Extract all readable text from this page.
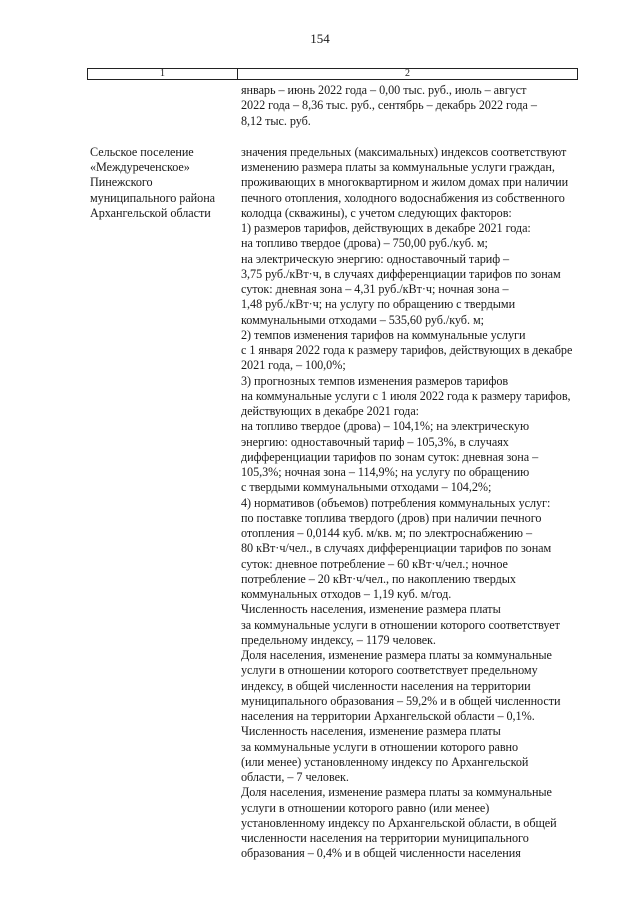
154
1	2
январь – июнь 2022 года – 0,00 тыс. руб., июль – август
2022 года – 8,36 тыс. руб., сентябрь – декабрь 2022 года –
8,12 тыс. руб.
Сельское поселение
«Междуреченское»
Пинежского
муниципального района
Архангельской области
значения предельных (максимальных) индексов соответствуют
изменению размера платы за коммунальные услуги граждан,
проживающих в многоквартирном и жилом домах при наличии
печного отопления, холодного водоснабжения из собственного
колодца (скважины), с учетом следующих факторов:
1) размеров тарифов, действующих в декабре 2021 года:
на топливо твердое (дрова) – 750,00 руб./куб. м;
на электрическую энергию: одноставочный тариф –
3,75 руб./кВт·ч, в случаях дифференциации тарифов по зонам
суток: дневная зона – 4,31 руб./кВт·ч; ночная зона –
1,48 руб./кВт·ч; на услугу по обращению с твердыми
коммунальными отходами – 535,60 руб./куб. м;
2) темпов изменения тарифов на коммунальные услуги
с 1 января 2022 года к размеру тарифов, действующих в декабре
2021 года, – 100,0%;
3) прогнозных темпов изменения размеров тарифов
на коммунальные услуги с 1 июля 2022 года к размеру тарифов,
действующих в декабре 2021 года:
на топливо твердое (дрова) – 104,1%; на электрическую
энергию: одноставочный тариф – 105,3%, в случаях
дифференциации тарифов по зонам суток: дневная зона –
105,3%; ночная зона – 114,9%; на услугу по обращению
с твердыми коммунальными отходами – 104,2%;
4) нормативов (объемов) потребления коммунальных услуг:
по поставке топлива твердого (дров) при наличии печного
отопления – 0,0144 куб. м/кв. м; по электроснабжению –
80 кВт·ч/чел., в случаях дифференциации тарифов по зонам
суток: дневное потребление – 60 кВт·ч/чел.; ночное
потребление – 20 кВт·ч/чел., по накоплению твердых
коммунальных отходов – 1,19 куб. м/год.
Численность населения, изменение размера платы
за коммунальные услуги в отношении которого соответствует
предельному индексу, – 1179 человек.
Доля населения, изменение размера платы за коммунальные
услуги в отношении которого соответствует предельному
индексу, в общей численности населения на территории
муниципального образования – 59,2% и в общей численности
населения на территории Архангельской области – 0,1%.
Численность населения, изменение размера платы
за коммунальные услуги в отношении которого равно
(или менее) установленному индексу по Архангельской
области, – 7 человек.
Доля населения, изменение размера платы за коммунальные
услуги в отношении которого равно (или менее)
установленному индексу по Архангельской области, в общей
численности населения на территории муниципального
образования – 0,4% и в общей численности населения
